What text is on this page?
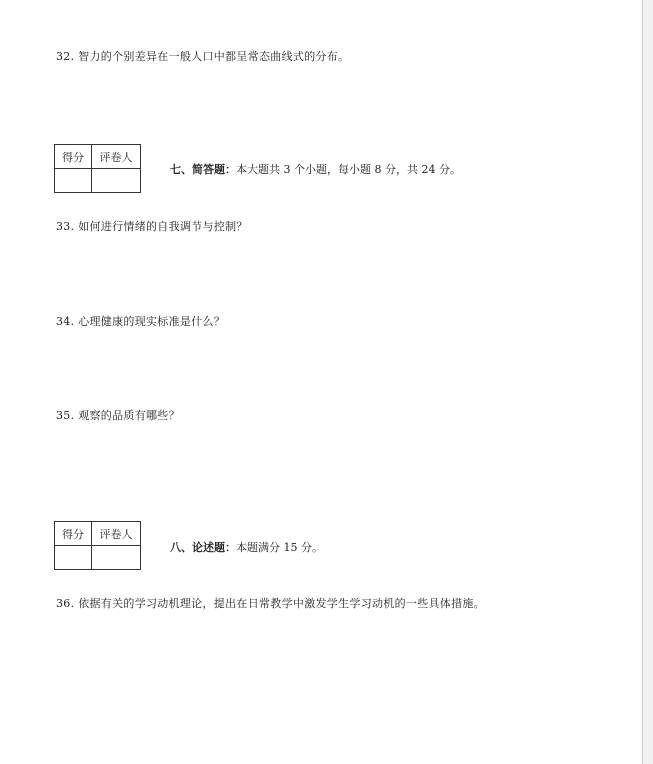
32. 智力的个别差异在一般人口中都呈常态曲线式的分布。
得分	评卷人

七、简答题：本大题共 3 个小题，每小题 8 分，共 24 分。
33. 如何进行情绪的自我调节与控制？
34. 心理健康的现实标准是什么？
35. 观察的品质有哪些？
得分	评卷人

八、论述题：本题满分 15 分。
36. 依据有关的学习动机理论，提出在日常教学中激发学生学习动机的一些具体措施。
